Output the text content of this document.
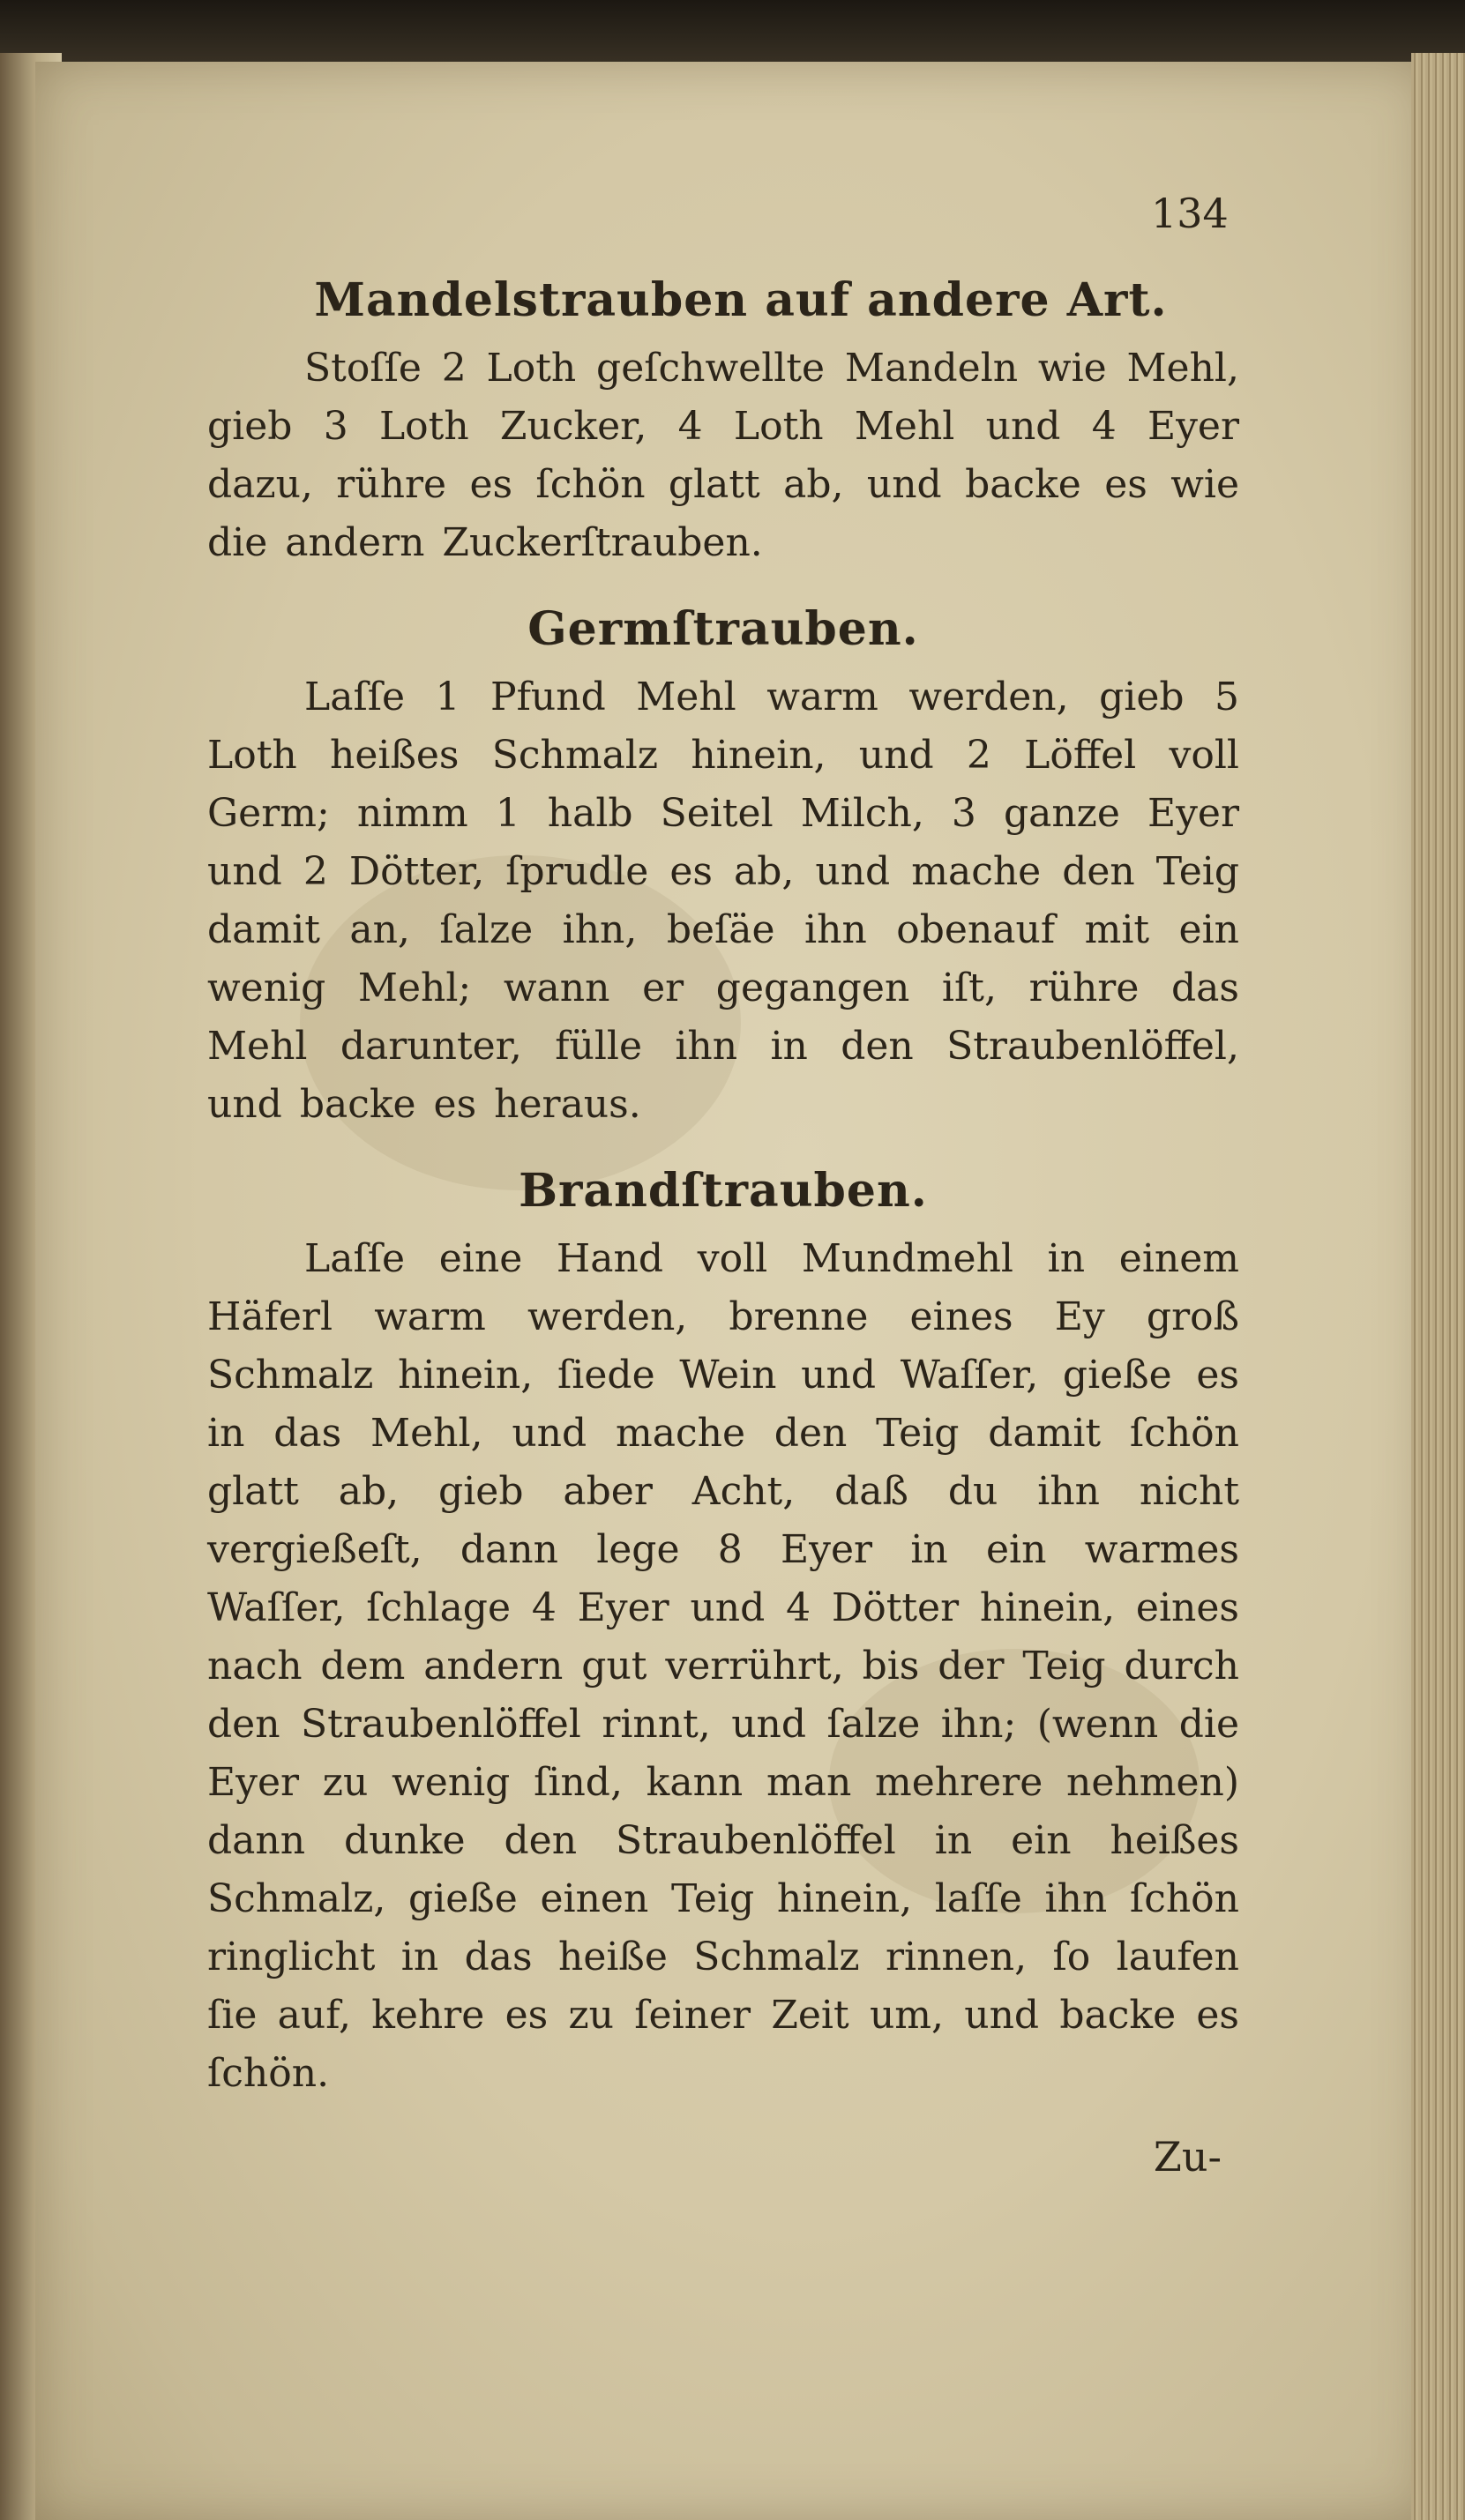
134
Mandelstrauben auf andere Art.

Stoſſe 2 Loth geſchwellte Mandeln wie Mehl, gieb 3 Loth Zucker, 4 Loth Mehl und 4 Eyer dazu, rühre es ſchön glatt ab, und backe es wie die andern Zuckerſtrauben.

Germſtrauben.

Laſſe 1 Pfund Mehl warm werden, gieb 5 Loth heißes Schmalz hinein, und 2 Löffel voll Germ; nimm 1 halb Seitel Milch, 3 ganze Eyer und 2 Dötter, ſprudle es ab, und mache den Teig damit an, ſalze ihn, beſäe ihn obenauf mit ein wenig Mehl; wann er gegangen iſt, rühre das Mehl darunter, fülle ihn in den Straubenlöffel, und backe es heraus.

Brandſtrauben.

Laſſe eine Hand voll Mundmehl in einem Häferl warm werden, brenne eines Ey groß Schmalz hinein, ſiede Wein und Waſſer, gieße es in das Mehl, und mache den Teig damit ſchön glatt ab, gieb aber Acht, daß du ihn nicht vergießeſt, dann lege 8 Eyer in ein warmes Waſſer, ſchlage 4 Eyer und 4 Dötter hinein, eines nach dem andern gut verrührt, bis der Teig durch den Straubenlöffel rinnt, und ſalze ihn; (wenn die Eyer zu wenig ſind, kann man mehrere nehmen) dann dunke den Straubenlöffel in ein heißes Schmalz, gieße einen Teig hinein, laſſe ihn ſchön ringlicht in das heiße Schmalz rinnen, ſo laufen ſie auf, kehre es zu ſeiner Zeit um, und backe es ſchön.

Zu-
